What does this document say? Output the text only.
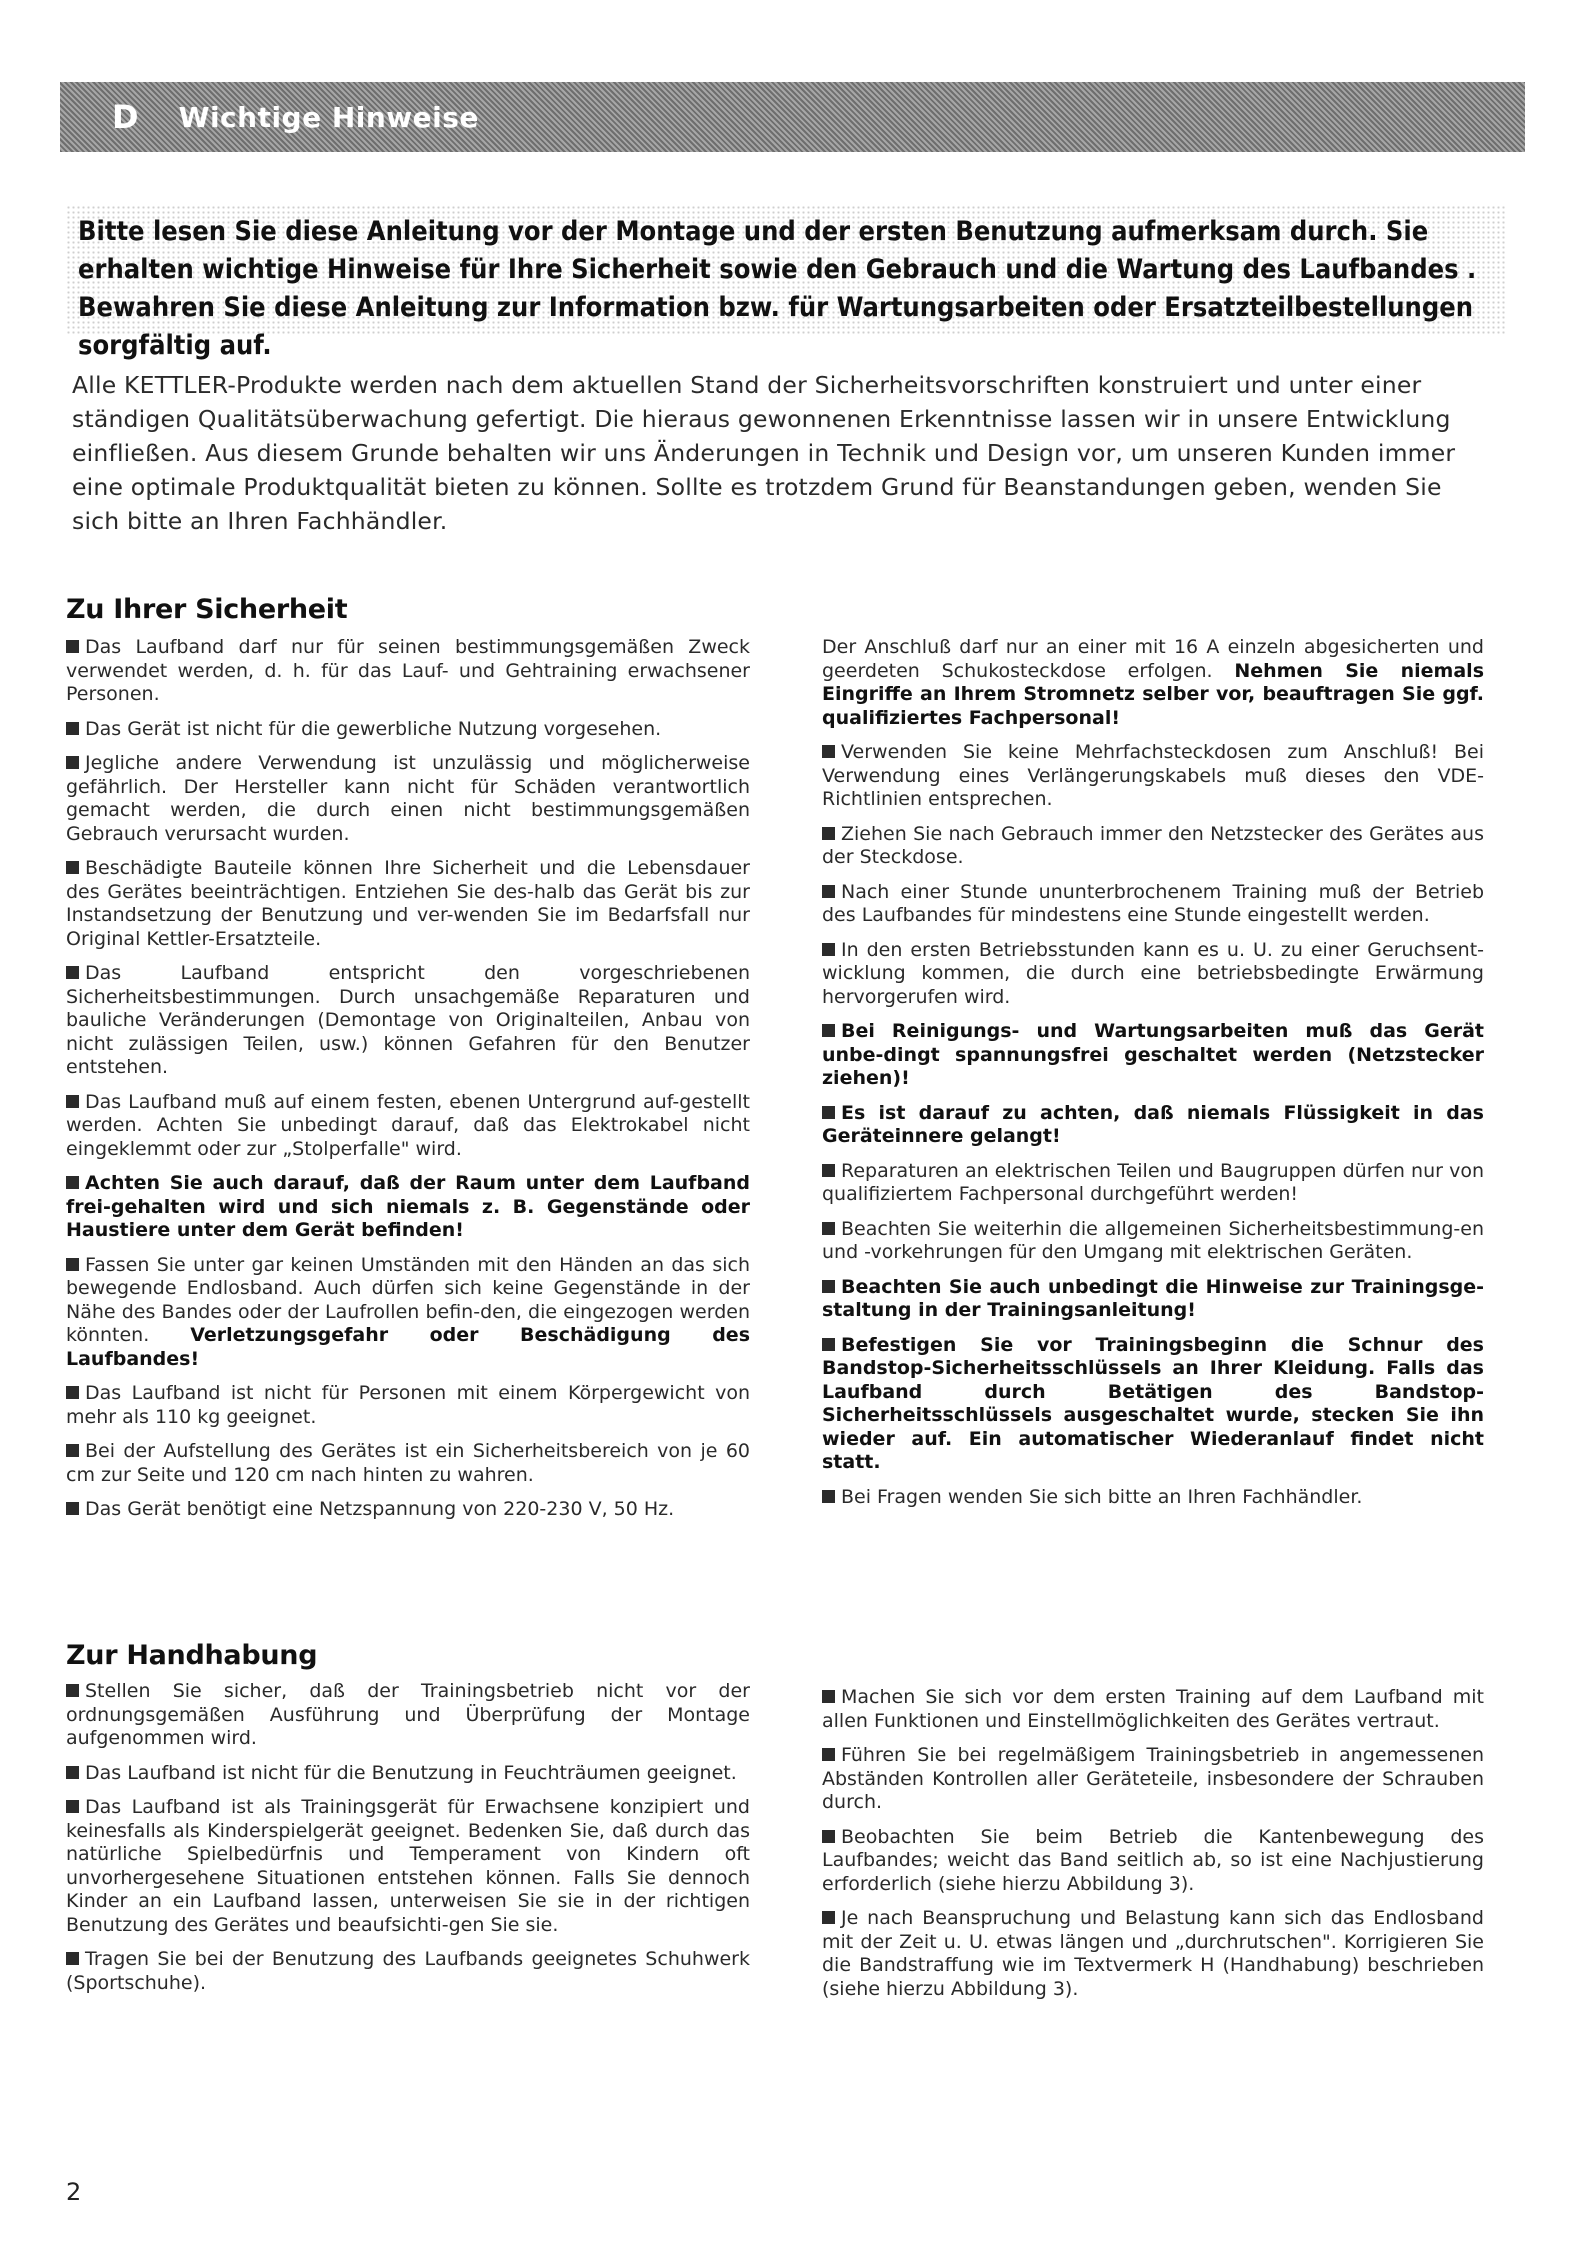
D Wichtige Hinweise
Bitte lesen Sie diese Anleitung vor der Montage und der ersten Benutzung aufmerksam durch. Sie erhalten wichtige Hinweise für Ihre Sicherheit sowie den Gebrauch und die Wartung des Laufbandes . Bewahren Sie diese Anleitung zur Information bzw. für Wartungsarbeiten oder Ersatzteilbestellungen sorgfältig auf.
Alle KETTLER-Produkte werden nach dem aktuellen Stand der Sicherheitsvorschriften konstruiert und unter einer ständigen Qualitätsüberwachung gefertigt. Die hieraus gewonnenen Erkenntnisse lassen wir in unsere Entwicklung einfließen. Aus diesem Grunde behalten wir uns Änderungen in Technik und Design vor, um unseren Kunden immer eine optimale Produktqualität bieten zu können. Sollte es trotzdem Grund für Beanstandungen geben, wenden Sie sich bitte an Ihren Fachhändler.
Zu Ihrer Sicherheit

Das Laufband darf nur für seinen bestimmungsgemäßen Zweck verwendet werden, d. h. für das Lauf- und Gehtraining erwachsener Personen.

Das Gerät ist nicht für die gewerbliche Nutzung vorgesehen.

Jegliche andere Verwendung ist unzulässig und möglicherweise gefährlich. Der Hersteller kann nicht für Schäden verantwortlich gemacht werden, die durch einen nicht bestimmungsgemäßen Gebrauch verursacht wurden.

Beschädigte Bauteile können Ihre Sicherheit und die Lebensdauer des Gerätes beeinträchtigen. Entziehen Sie des-halb das Gerät bis zur Instandsetzung der Benutzung und ver-wenden Sie im Bedarfsfall nur Original Kettler-Ersatzteile.

Das Laufband entspricht den vorgeschriebenen Sicherheitsbestimmungen. Durch unsachgemäße Reparaturen und bauliche Veränderungen (Demontage von Originalteilen, Anbau von nicht zulässigen Teilen, usw.) können Gefahren für den Benutzer entstehen.

Das Laufband muß auf einem festen, ebenen Untergrund auf-gestellt werden. Achten Sie unbedingt darauf, daß das Elektrokabel nicht eingeklemmt oder zur „Stolperfalle" wird.

Achten Sie auch darauf, daß der Raum unter dem Laufband frei-gehalten wird und sich niemals z. B. Gegenstände oder Haustiere unter dem Gerät befinden!

Fassen Sie unter gar keinen Umständen mit den Händen an das sich bewegende Endlosband. Auch dürfen sich keine Gegenstände in der Nähe des Bandes oder der Laufrollen befin-den, die eingezogen werden könnten. Verletzungsgefahr oder Beschädigung des Laufbandes!

Das Laufband ist nicht für Personen mit einem Körpergewicht von mehr als 110 kg geeignet.

Bei der Aufstellung des Gerätes ist ein Sicherheitsbereich von je 60 cm zur Seite und 120 cm nach hinten zu wahren.

Das Gerät benötigt eine Netzspannung von 220-230 V, 50 Hz.

Der Anschluß darf nur an einer mit 16 A einzeln abgesicherten und geerdeten Schukosteckdose erfolgen. Nehmen Sie niemals Eingriffe an Ihrem Stromnetz selber vor, beauftragen Sie ggf. qualifiziertes Fachpersonal!

Verwenden Sie keine Mehrfachsteckdosen zum Anschluß! Bei Verwendung eines Verlängerungskabels muß dieses den VDE-Richtlinien entsprechen.

Ziehen Sie nach Gebrauch immer den Netzstecker des Gerätes aus der Steckdose.

Nach einer Stunde ununterbrochenem Training muß der Betrieb des Laufbandes für mindestens eine Stunde eingestellt werden.

In den ersten Betriebsstunden kann es u. U. zu einer Geruchsent-wicklung kommen, die durch eine betriebsbedingte Erwärmung hervorgerufen wird.

Bei Reinigungs- und Wartungsarbeiten muß das Gerät unbe-dingt spannungsfrei geschaltet werden (Netzstecker ziehen)!

Es ist darauf zu achten, daß niemals Flüssigkeit in das Geräteinnere gelangt!

Reparaturen an elektrischen Teilen und Baugruppen dürfen nur von qualifiziertem Fachpersonal durchgeführt werden!

Beachten Sie weiterhin die allgemeinen Sicherheitsbestimmung-en und -vorkehrungen für den Umgang mit elektrischen Geräten.

Beachten Sie auch unbedingt die Hinweise zur Trainingsge-staltung in der Trainingsanleitung!

Befestigen Sie vor Trainingsbeginn die Schnur des Bandstop-Sicherheitsschlüssels an Ihrer Kleidung. Falls das Laufband durch Betätigen des Bandstop-Sicherheitsschlüssels ausgeschaltet wurde, stecken Sie ihn wieder auf. Ein automatischer Wiederanlauf findet nicht statt.

Bei Fragen wenden Sie sich bitte an Ihren Fachhändler.

Zur Handhabung

Stellen Sie sicher, daß der Trainingsbetrieb nicht vor der ordnungsgemäßen Ausführung und Überprüfung der Montage aufgenommen wird.

Das Laufband ist nicht für die Benutzung in Feuchträumen geeignet.

Das Laufband ist als Trainingsgerät für Erwachsene konzipiert und keinesfalls als Kinderspielgerät geeignet. Bedenken Sie, daß durch das natürliche Spielbedürfnis und Temperament von Kindern oft unvorhergesehene Situationen entstehen können. Falls Sie dennoch Kinder an ein Laufband lassen, unterweisen Sie sie in der richtigen Benutzung des Gerätes und beaufsichti-gen Sie sie.

Tragen Sie bei der Benutzung des Laufbands geeignetes Schuhwerk (Sportschuhe).

Machen Sie sich vor dem ersten Training auf dem Laufband mit allen Funktionen und Einstellmöglichkeiten des Gerätes vertraut.

Führen Sie bei regelmäßigem Trainingsbetrieb in angemessenen Abständen Kontrollen aller Geräteteile, insbesondere der Schrauben durch.

Beobachten Sie beim Betrieb die Kantenbewegung des Laufbandes; weicht das Band seitlich ab, so ist eine Nachjustierung erforderlich (siehe hierzu Abbildung 3).

Je nach Beanspruchung und Belastung kann sich das Endlosband mit der Zeit u. U. etwas längen und „durchrutschen". Korrigieren Sie die Bandstraffung wie im Textvermerk H (Handhabung) beschrieben (siehe hierzu Abbildung 3).

2
